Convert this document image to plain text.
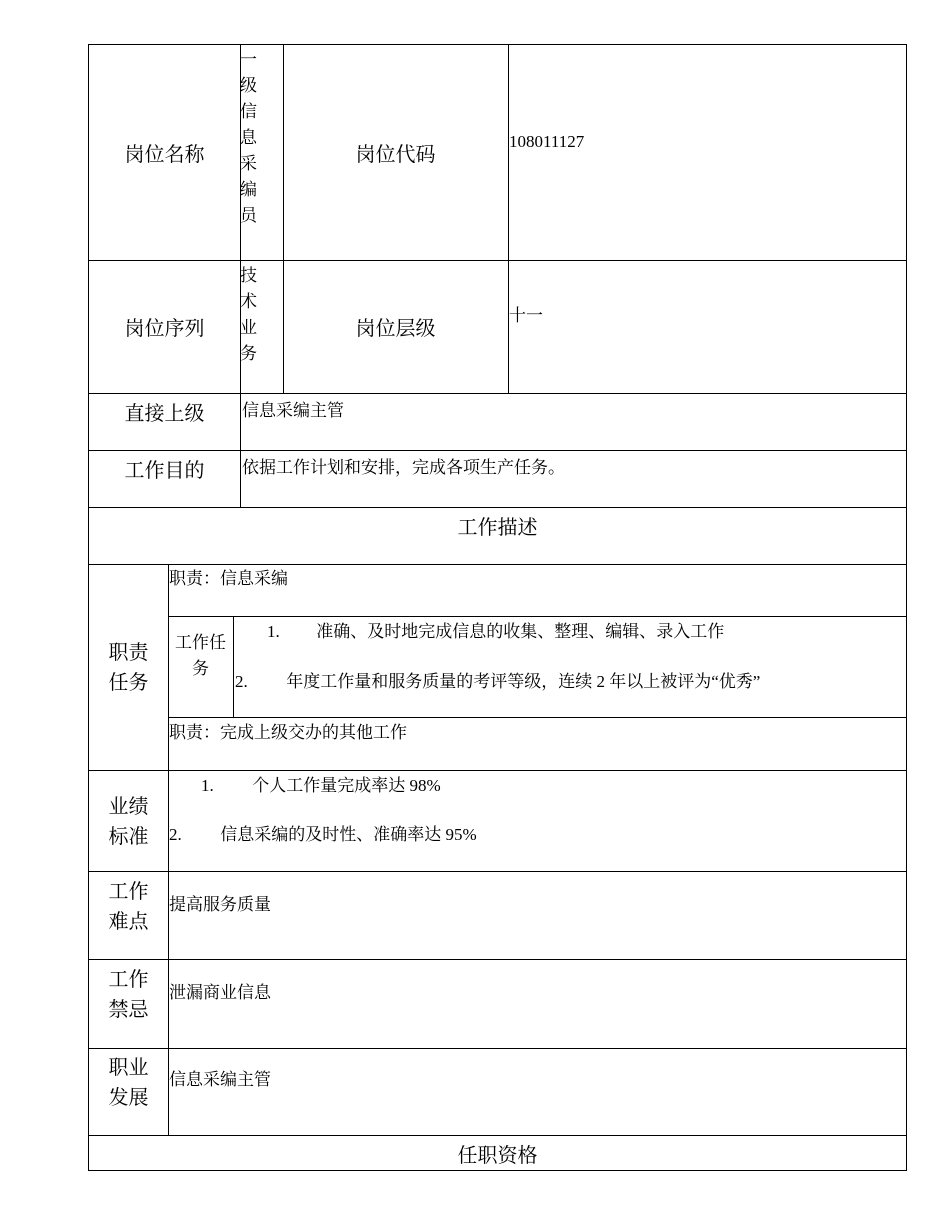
岗位名称
一级信息采编员
岗位代码
108011127
岗位序列
技术业务
岗位层级
十一
直接上级	信息采编主管
工作目的	依据工作计划和安排，完成各项生产任务。
工作描述
职责
任务
职责：信息采编
工作任务
1. 准确、及时地完成信息的收集、整理、编辑、录入工作
2. 年度工作量和服务质量的考评等级，连续 2 年以上被评为“优秀”
职责：完成上级交办的其他工作
业绩
标准
1. 个人工作量完成率达 98%
2. 信息采编的及时性、准确率达 95%
工作
难点
提高服务质量
工作
禁忌
泄漏商业信息
职业
发展
信息采编主管
任职资格
